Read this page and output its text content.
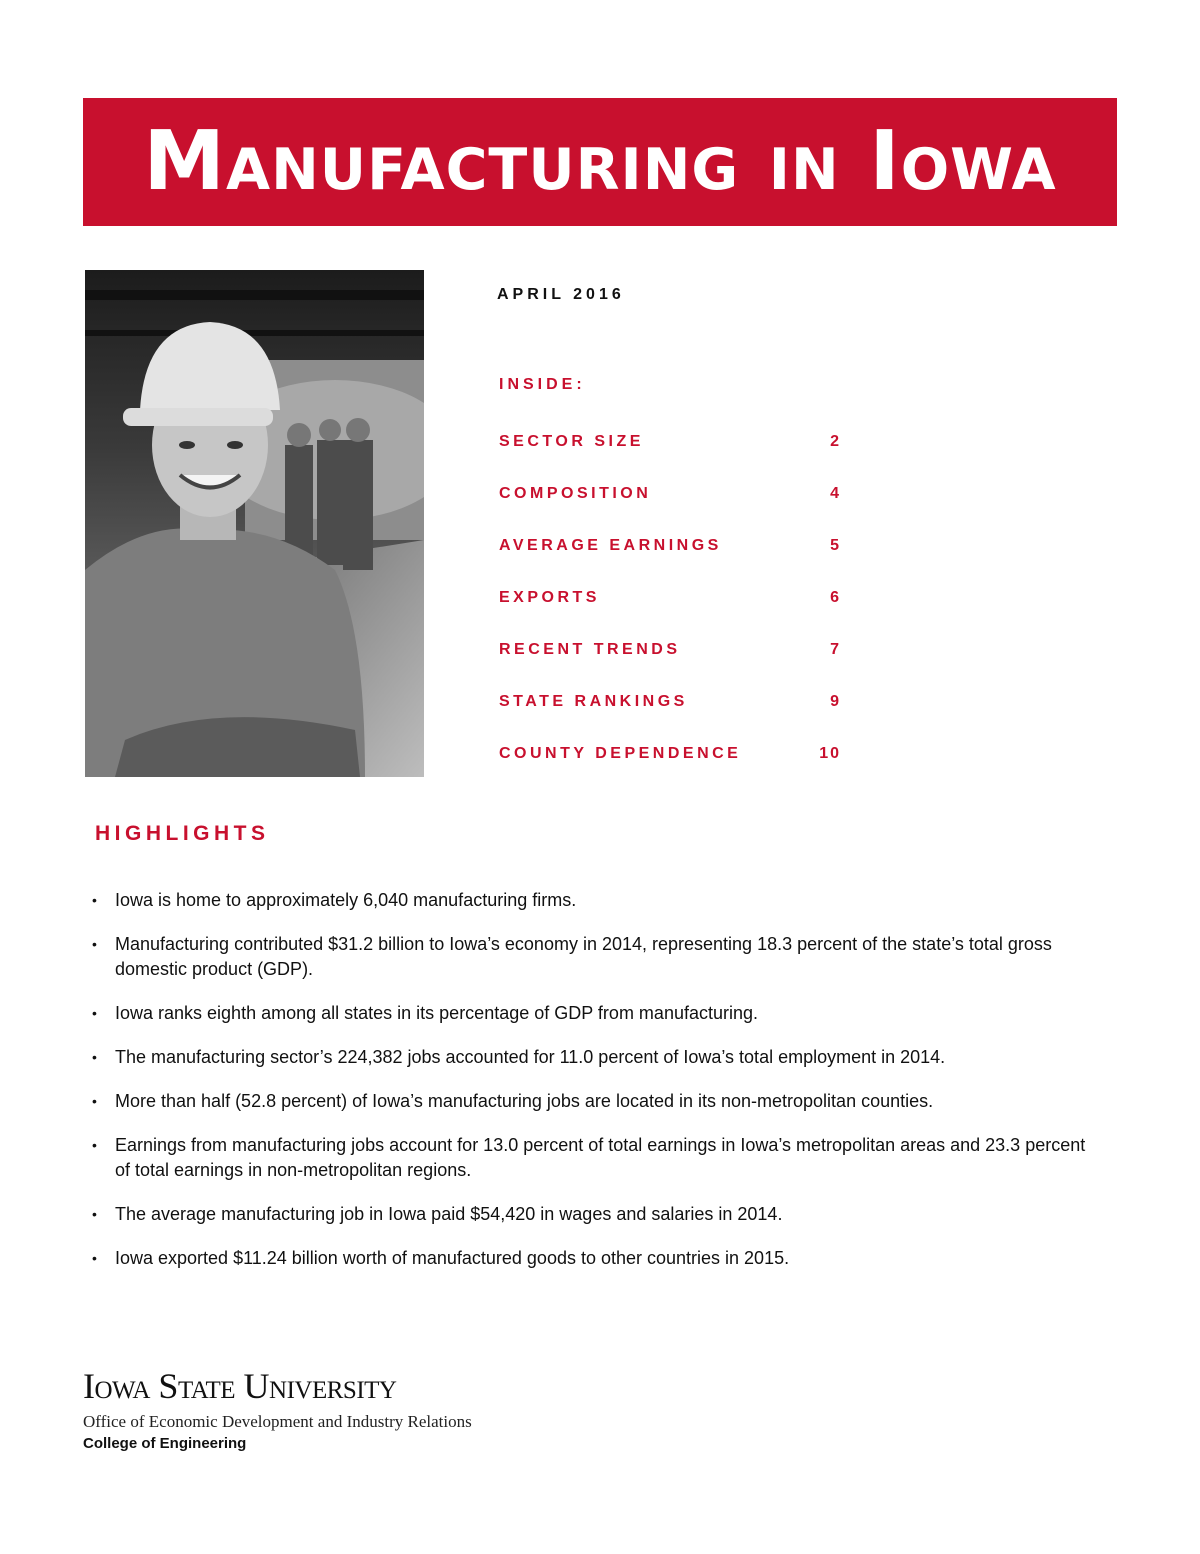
Manufacturing in Iowa
APRIL 2016
INSIDE:
SECTOR SIZE	2
COMPOSITION	4
AVERAGE EARNINGS	5
EXPORTS	6
RECENT TRENDS	7
STATE RANKINGS	9
COUNTY DEPENDENCE	10
HIGHLIGHTS
• Iowa is home to approximately 6,040 manufacturing firms.
• Manufacturing contributed $31.2 billion to Iowa’s economy in 2014, representing 18.3 percent of the state’s total gross domestic product (GDP).
• Iowa ranks eighth among all states in its percentage of GDP from manufacturing.
• The manufacturing sector’s 224,382 jobs accounted for 11.0 percent of Iowa’s total employment in 2014.
• More than half (52.8 percent) of Iowa’s manufacturing jobs are located in its non-metropolitan counties.
• Earnings from manufacturing jobs account for 13.0 percent of total earnings in Iowa’s metropolitan areas and 23.3 percent of total earnings in non-metropolitan regions.
• The average manufacturing job in Iowa paid $54,420 in wages and salaries in 2014.
• Iowa exported $11.24 billion worth of manufactured goods to other countries in 2015.
Iowa State University
Office of Economic Development and Industry Relations
College of Engineering
